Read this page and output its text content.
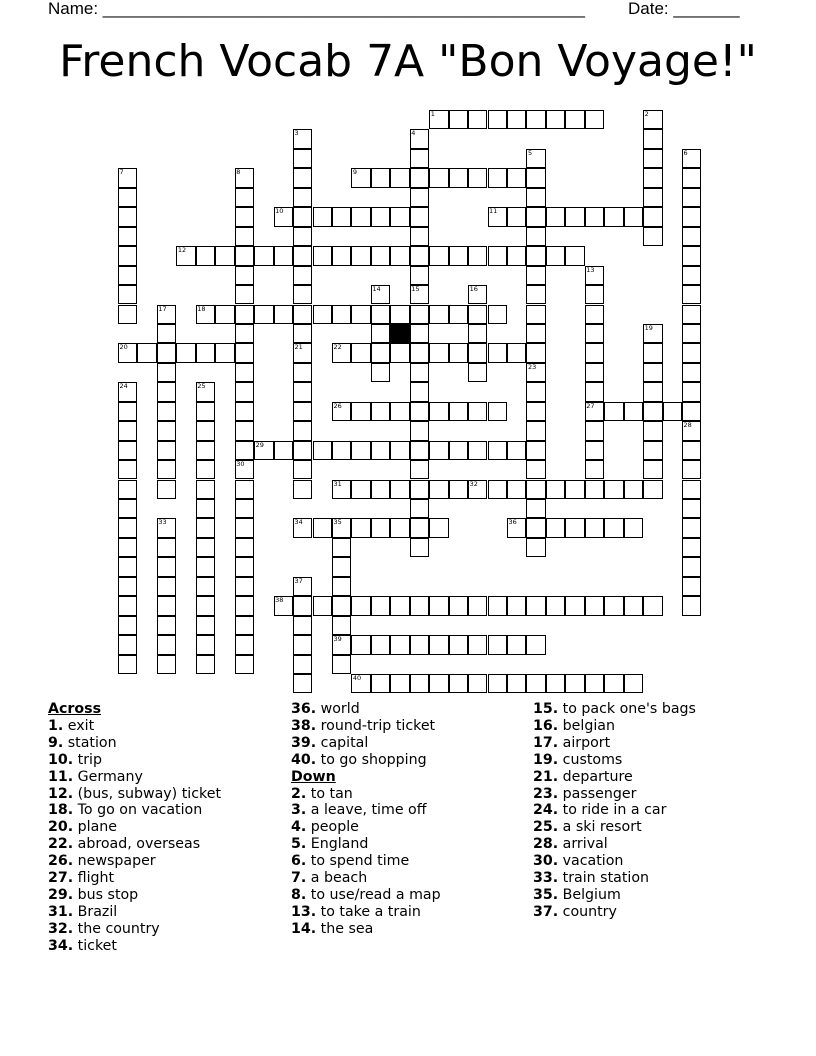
Name: ___________________________________________________	Date: _______
French Vocab 7A "Bon Voyage!"
1	2
3	4
5	6
7	8	9
10	11
12
13
14	15	16
17	18
19
20	21	22
23
24	25
26	27
28
29
30
31	32
33	34	35	36
37
38
39
40
Across
1. exit
9. station
10. trip
11. Germany
12. (bus, subway) ticket
18. To go on vacation
20. plane
22. abroad, overseas
26. newspaper
27. flight
29. bus stop
31. Brazil
32. the country
34. ticket
36. world
38. round-trip ticket
39. capital
40. to go shopping
Down
2. to tan
3. a leave, time off
4. people
5. England
6. to spend time
7. a beach
8. to use/read a map
13. to take a train
14. the sea
15. to pack one's bags
16. belgian
17. airport
19. customs
21. departure
23. passenger
24. to ride in a car
25. a ski resort
28. arrival
30. vacation
33. train station
35. Belgium
37. country
